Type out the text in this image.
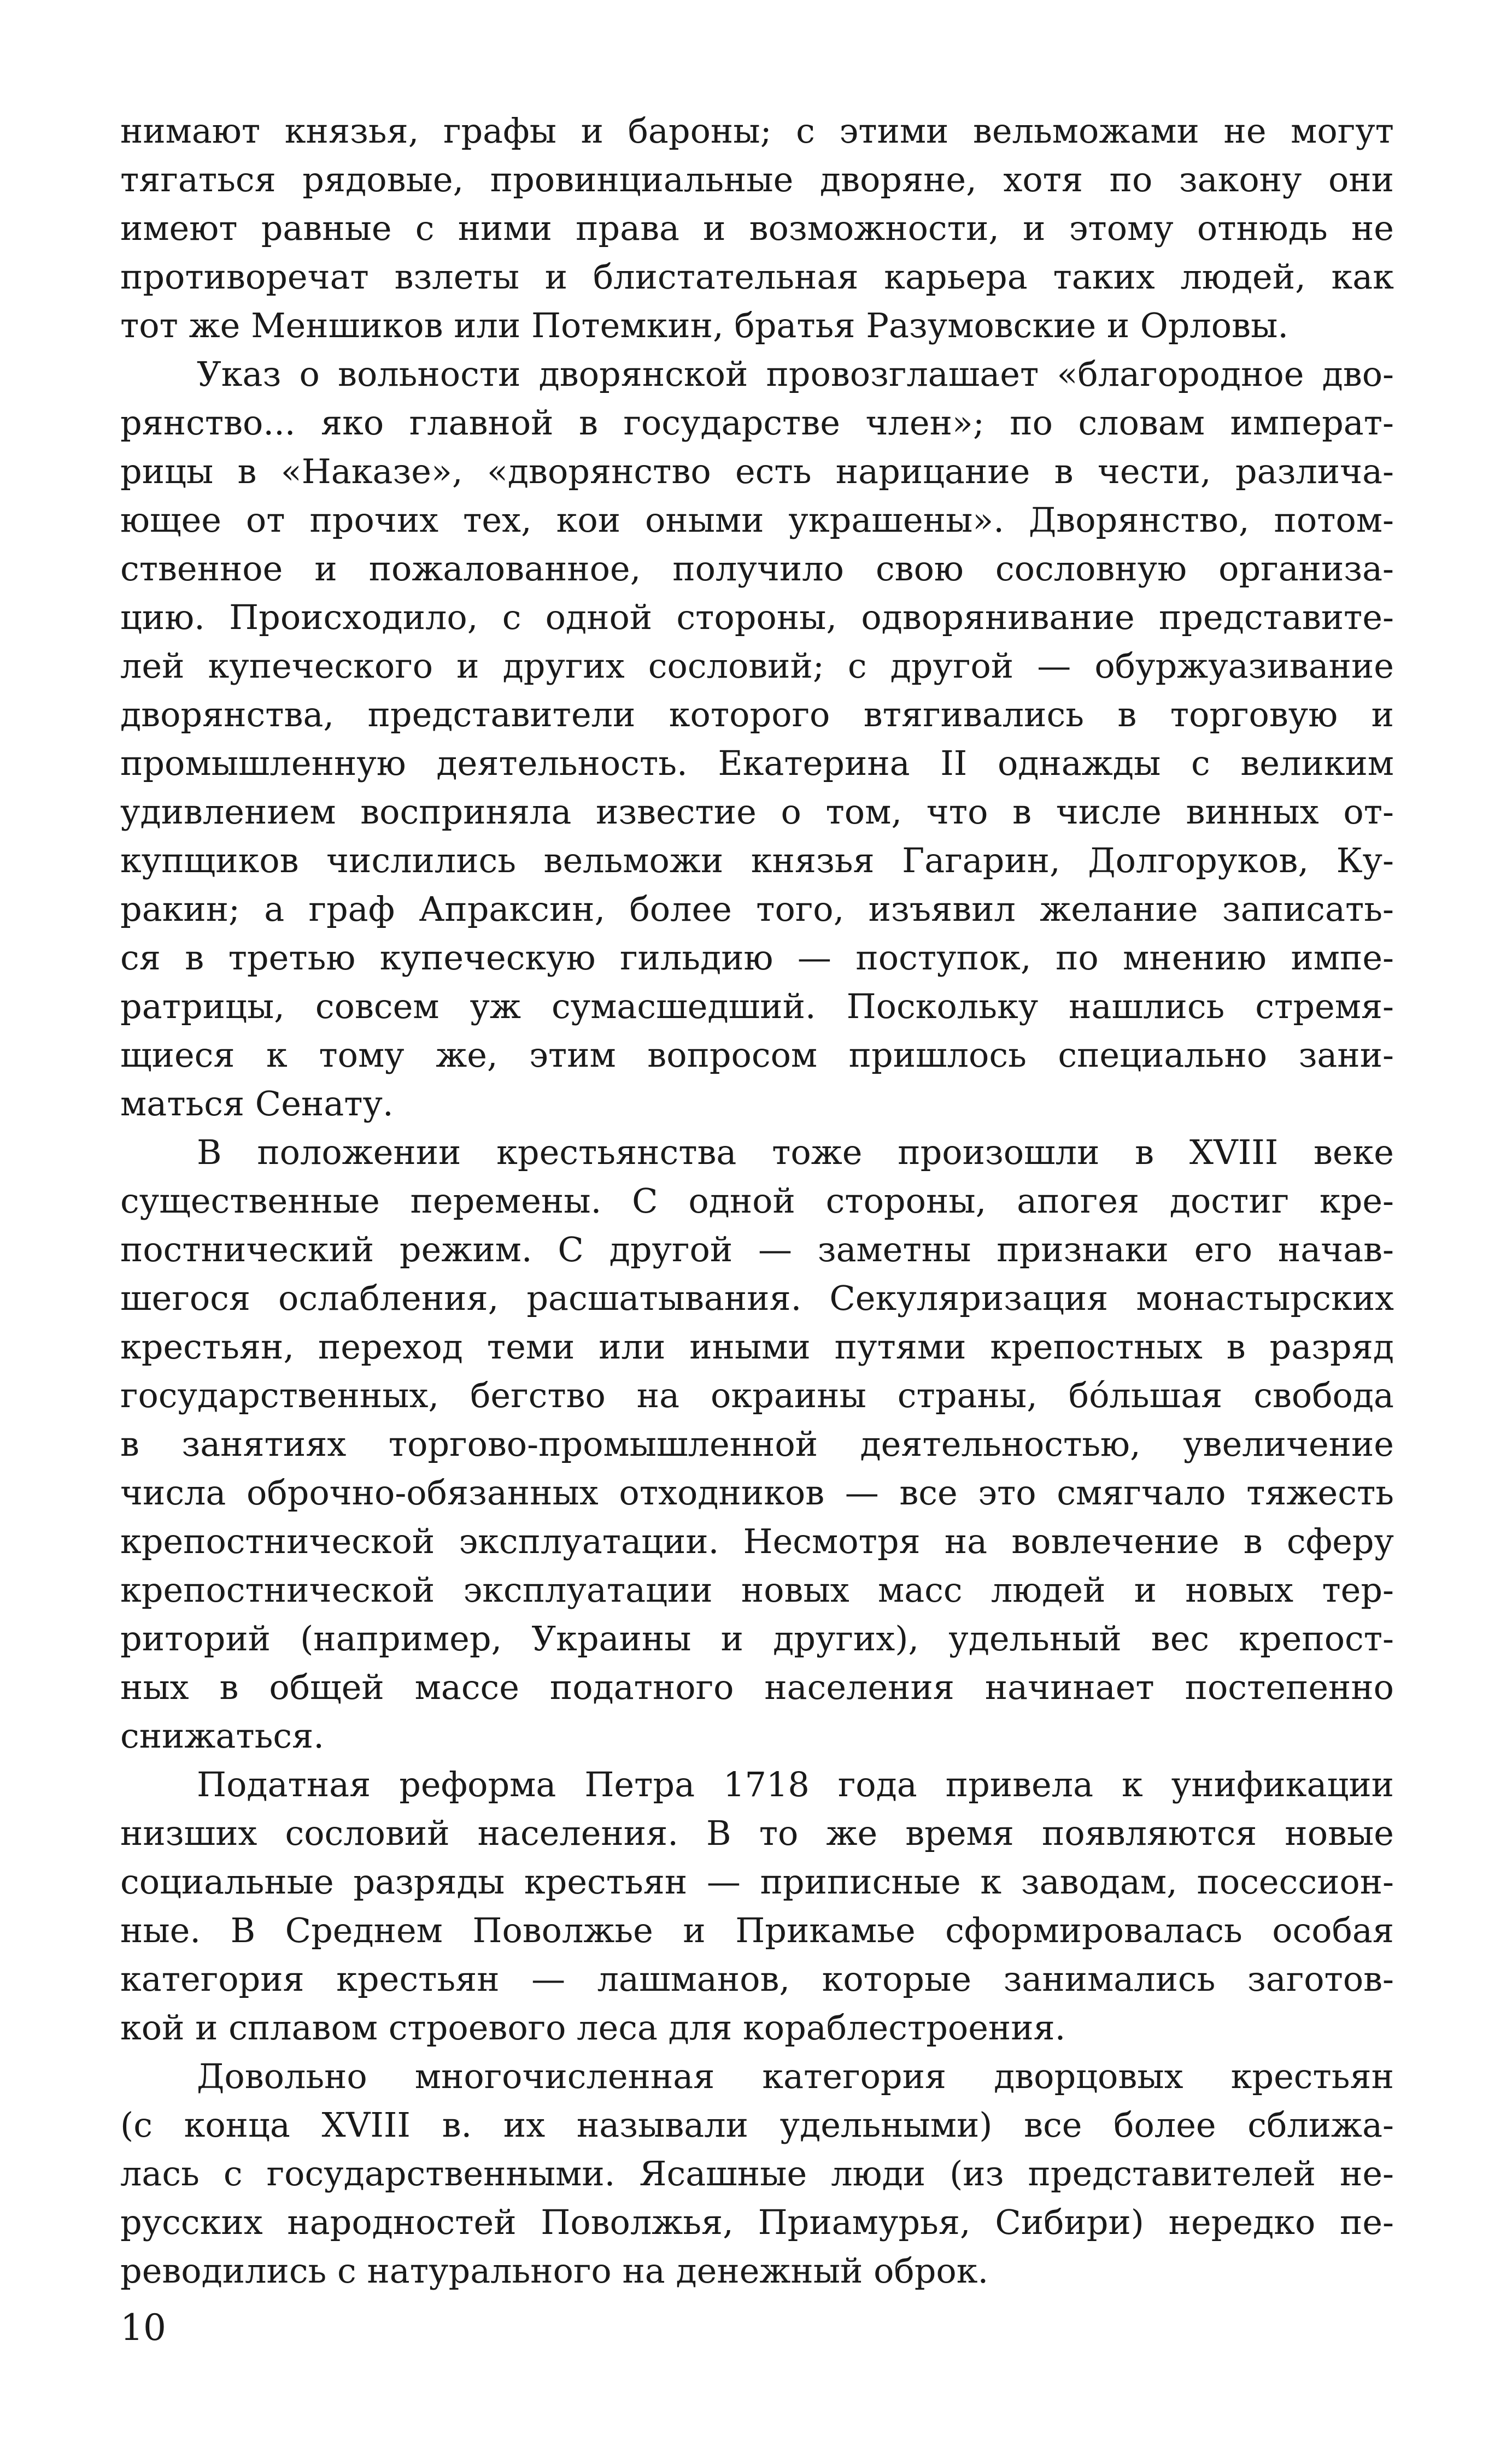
нимают князья, графы и бароны; с этими вельможами не могут
тягаться рядовые, провинциальные дворяне, хотя по закону они
имеют равные с ними права и возможности, и этому отнюдь не
противоречат взлеты и блистательная карьера таких людей, как
тот же Меншиков или Потемкин, братья Разумовские и Орловы.
Указ о вольности дворянской провозглашает «благородное дво-
рянство... яко главной в государстве член»; по словам императ-
рицы в «Наказе», «дворянство есть нарицание в чести, различа-
ющее от прочих тех, кои оными украшены». Дворянство, потом-
ственное и пожалованное, получило свою сословную организа-
цию. Происходило, с одной стороны, одворянивание представите-
лей купеческого и других сословий; с другой — обуржуазивание
дворянства, представители которого втягивались в торговую и
промышленную деятельность. Екатерина II однажды с великим
удивлением восприняла известие о том, что в числе винных от-
купщиков числились вельможи князья Гагарин, Долгоруков, Ку-
ракин; а граф Апраксин, более того, изъявил желание записать-
ся в третью купеческую гильдию — поступок, по мнению импе-
ратрицы, совсем уж сумасшедший. Поскольку нашлись стремя-
щиеся к тому же, этим вопросом пришлось специально зани-
маться Сенату.
В положении крестьянства тоже произошли в XVIII веке
существенные перемены. С одной стороны, апогея достиг кре-
постнический режим. С другой — заметны признаки его начав-
шегося ослабления, расшатывания. Секуляризация монастырских
крестьян, переход теми или иными путями крепостных в разряд
государственных, бегство на окраины страны, бóльшая свобода
в занятиях торгово-промышленной деятельностью, увеличение
числа оброчно-обязанных отходников — все это смягчало тяжесть
крепостнической эксплуатации. Несмотря на вовлечение в сферу
крепостнической эксплуатации новых масс людей и новых тер-
риторий (например, Украины и других), удельный вес крепост-
ных в общей массе податного населения начинает постепенно
снижаться.
Податная реформа Петра 1718 года привела к унификации
низших сословий населения. В то же время появляются новые
социальные разряды крестьян — приписные к заводам, посессион-
ные. В Среднем Поволжье и Прикамье сформировалась особая
категория крестьян — лашманов, которые занимались заготов-
кой и сплавом строевого леса для кораблестроения.
Довольно многочисленная категория дворцовых крестьян
(с конца XVIII в. их называли удельными) все более сближа-
лась с государственными. Ясашные люди (из представителей не-
русских народностей Поволжья, Приамурья, Сибири) нередко пе-
реводились с натурального на денежный оброк.
10
